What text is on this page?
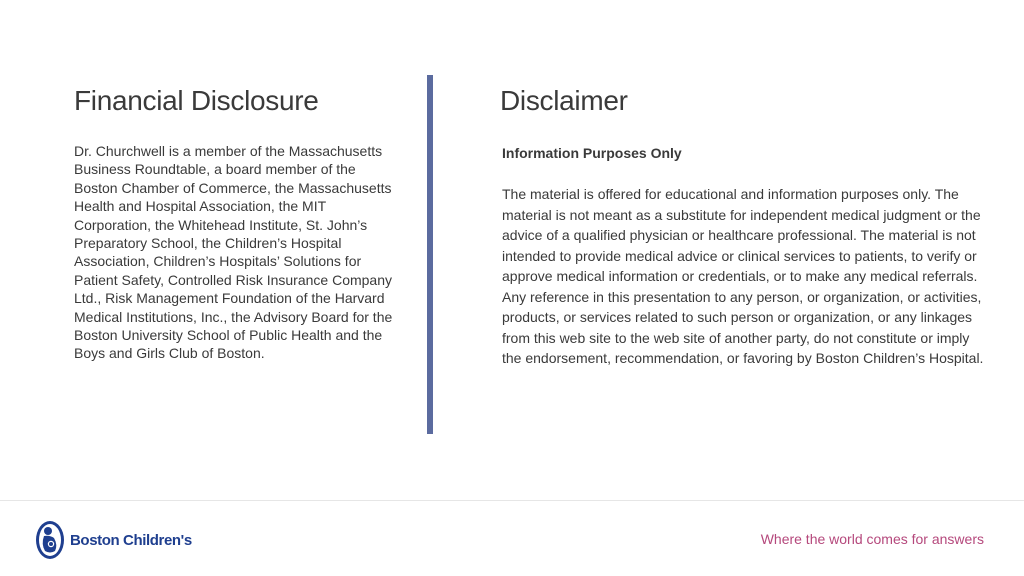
Financial Disclosure

Dr. Churchwell is a member of the Massachusetts Business Roundtable, a board member of the Boston Chamber of Commerce, the Massachusetts Health and Hospital Association, the MIT Corporation, the Whitehead Institute, St. John’s Preparatory School, the Children’s Hospital Association, Children’s Hospitals’ Solutions for Patient Safety, Controlled Risk Insurance Company Ltd., Risk Management Foundation of the Harvard Medical Institutions, Inc., the Advisory Board for the Boston University School of Public Health and the Boys and Girls Club of Boston.

Disclaimer

Information Purposes Only

The material is offered for educational and information purposes only. The material is not meant as a substitute for independent medical judgment or the advice of a qualified physician or healthcare professional. The material is not intended to provide medical advice or clinical services to patients, to verify or approve medical information or credentials, or to make any medical referrals. Any reference in this presentation to any person, or organization, or activities, products, or services related to such person or organization, or any linkages from this web site to the web site of another party, do not constitute or imply the endorsement, recommendation, or favoring by Boston Children’s Hospital.

Boston Children's	Where the world comes for answers
